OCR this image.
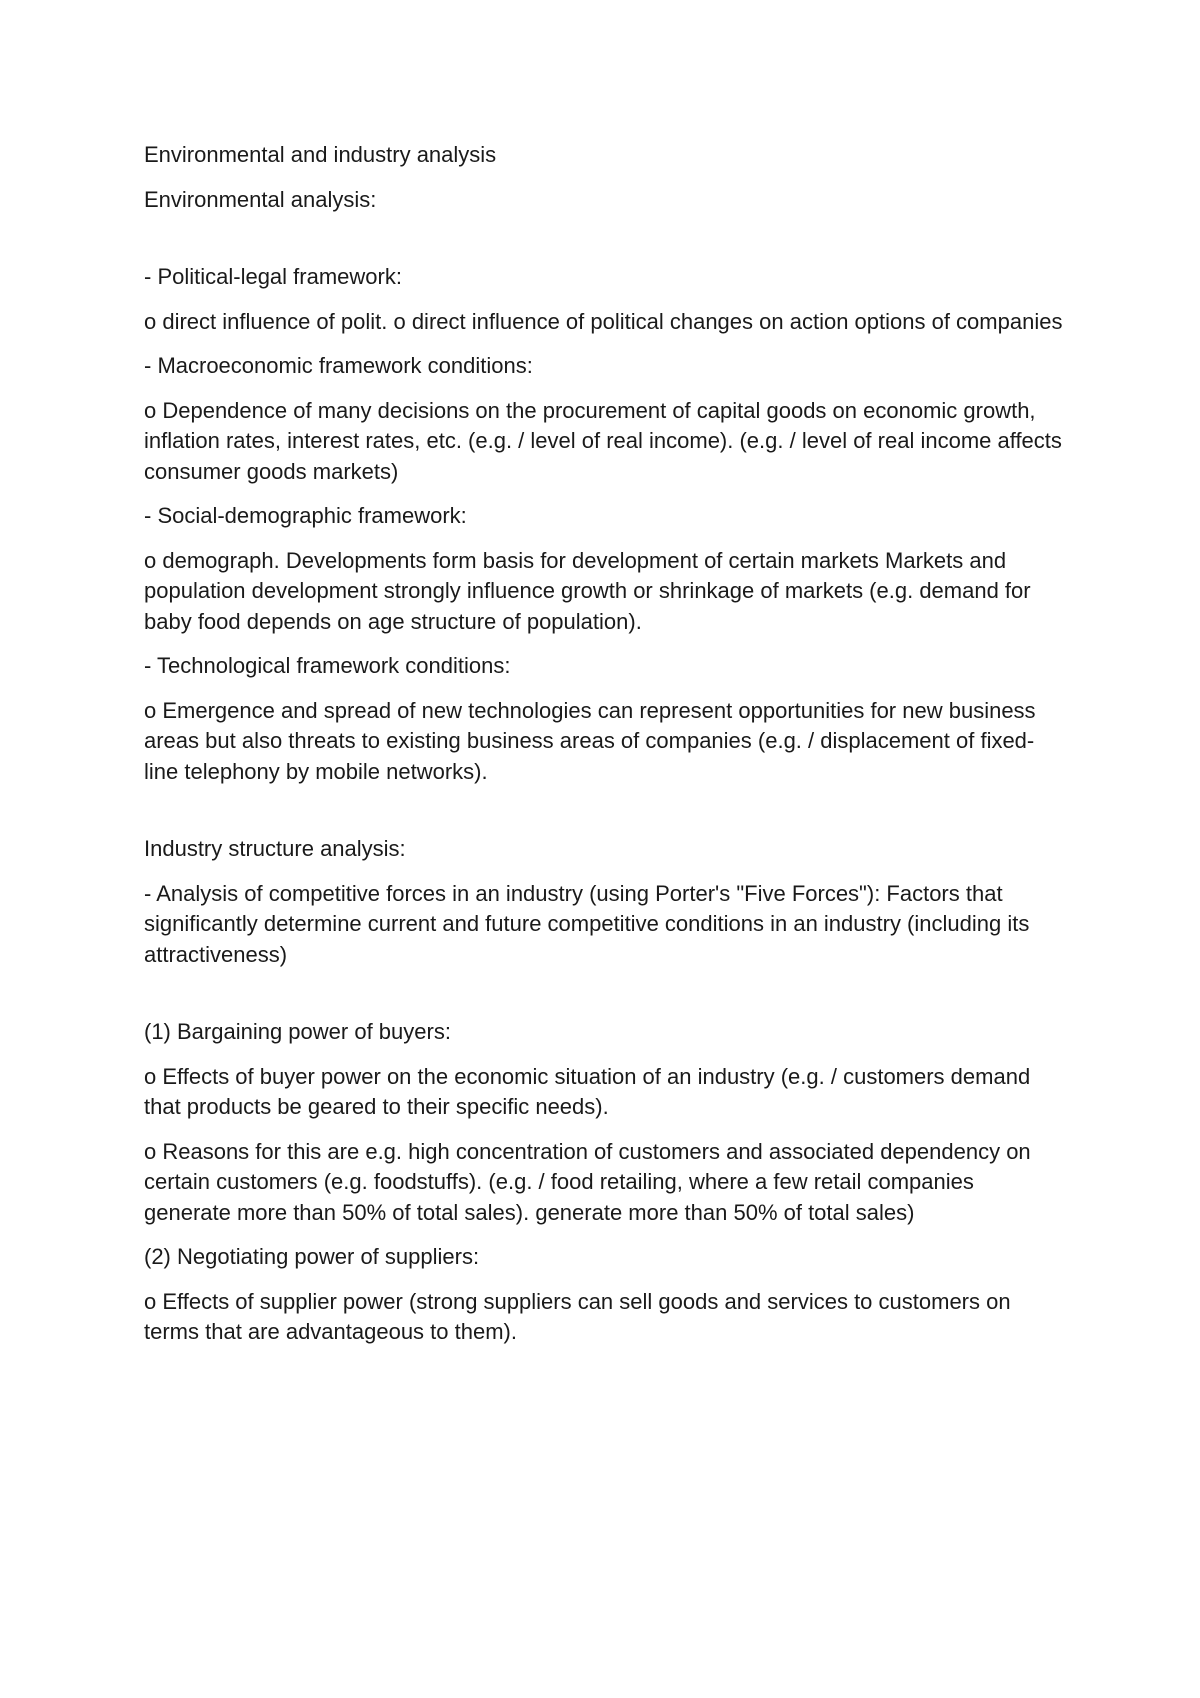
Environmental and industry analysis

Environmental analysis:

- Political-legal framework:

o direct influence of polit. o direct influence of political changes on action options of companies

- Macroeconomic framework conditions:

o Dependence of many decisions on the procurement of capital goods on economic growth, inflation rates, interest rates, etc. (e.g. / level of real income). (e.g. / level of real income affects consumer goods markets)

- Social-demographic framework:

o demograph. Developments form basis for development of certain markets Markets and population development strongly influence growth or shrinkage of markets (e.g. demand for baby food depends on age structure of population).

- Technological framework conditions:

o Emergence and spread of new technologies can represent opportunities for new business areas but also threats to existing business areas of companies (e.g. / displacement of fixed-line telephony by mobile networks).

Industry structure analysis:

- Analysis of competitive forces in an industry (using Porter's "Five Forces"): Factors that significantly determine current and future competitive conditions in an industry (including its attractiveness)

(1) Bargaining power of buyers:

o Effects of buyer power on the economic situation of an industry (e.g. / customers demand that products be geared to their specific needs).

o Reasons for this are e.g. high concentration of customers and associated dependency on certain customers (e.g. foodstuffs). (e.g. / food retailing, where a few retail companies generate more than 50% of total sales). generate more than 50% of total sales)

(2) Negotiating power of suppliers:

o Effects of supplier power (strong suppliers can sell goods and services to customers on terms that are advantageous to them).
